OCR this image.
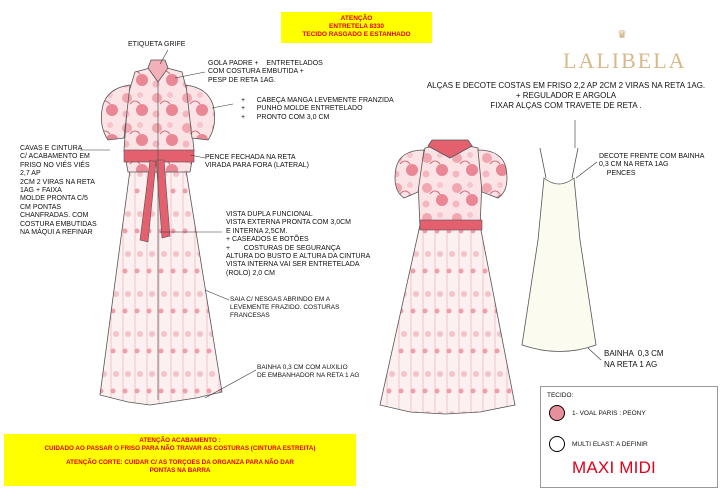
ATENÇÃO
ENTRETELA 8330
TECIDO RASGADO E ESTANHADO	♛
LALIBELA
ETIQUETA GRIFE
GOLA PADRE +    ENTRETELADOS
COM COSTURA EMBUTIDA +
PESP DE RETA 1AG.
+      CABEÇA MANGA LEVEMENTE FRANZIDA
+      PUNHO MOLDE ENTRETELADO
+      PRONTO COM 3,0 CM
CAVAS E CINTURA
C/ ACABAMENTO EM
FRISO NO VIÉS VIÉS
2,7 AP
2CM 2 VIRAS NA RETA
1AG + FAIXA
MOLDE PRONTA C/5
CM PONTAS
CHANFRADAS. COM
COSTURA EMBUTIDAS
NA MÁQUI A REFINAR
PENCE FECHADA NA RETA
VIRADA PARA FORA (LATERAL)
VISTA DUPLA FUNCIONAL
VISTA EXTERNA PRONTA COM 3,0CM
E INTERNA 2,5CM.
+ CASEADOS E BOTÕES
+       COSTURAS DE SEGURANÇA
ALTURA DO BUSTO E ALTURA DA CINTURA
VISTA INTERNA VAI SER ENTRETELADA
(ROLO) 2,0 CM
SAIA C/ NESGAS ABRINDO EM A
LEVEMENTE FRAZIDO. COSTURAS
FRANCESAS
BAINHA 0,3 CM COM AUXILIO
DE EMBANHADOR NA RETA 1 AG
ALÇAS E DECOTE COSTAS EM FRISO 2,2 AP 2CM 2 VIRAS NA RETA 1AG.
+ REGULADOR E ARGOLA
FIXAR ALÇAS COM TRAVETE DE RETA .
DECOTE FRENTE COM BAINHA
0,3 CM NA RETA 1AG
PENCES
BAINHA  0,3 CM
NA RETA 1 AG
ATENÇÃO ACABAMENTO :
CUIDADO AO PASSAR O FRISO PARA NÃO TRAVAR AS COSTURAS (CINTURA ESTREITA)
ATENÇÃO CORTE: CUIDAR C/ AS TORÇOES DA ORGANZA PARA NÃO DAR
PONTAS NA BARRA
TECIDO:
1- VOAL PARIS : PEONY
MULTI ELAST: A DEFINIR
MAXI MIDI
